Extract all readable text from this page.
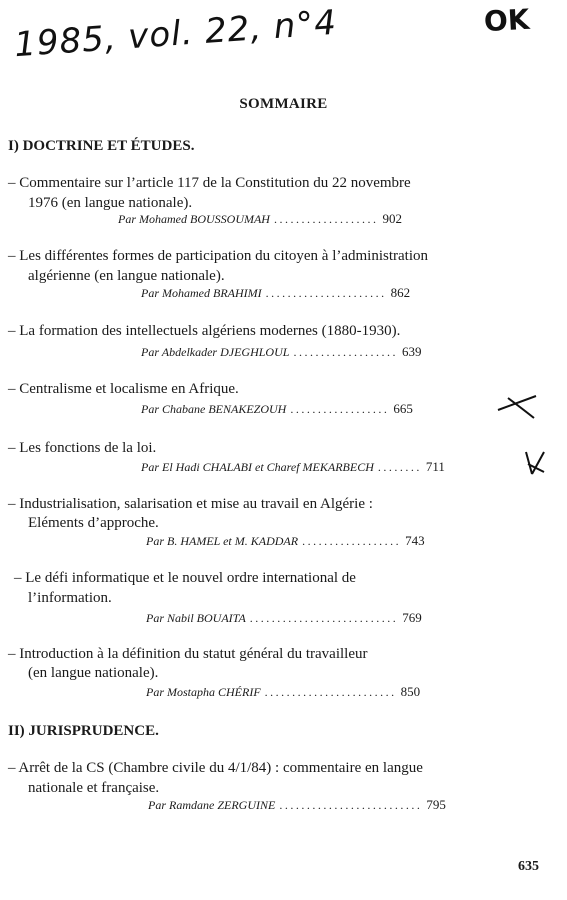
1985, vol. 22, n°4	OK
SOMMAIRE
I) DOCTRINE ET ÉTUDES.
– Commentaire sur l’article 117 de la Constitution du 22 novembre
1976 (en langue nationale).
Par Mohamed BOUSSOUMAH ................... 902
– Les différentes formes de participation du citoyen à l’administration
algérienne (en langue nationale).
Par Mohamed BRAHIMI ...................... 862
– La formation des intellectuels algériens modernes (1880-1930).
Par Abdelkader DJEGHLOUL ................... 639
– Centralisme et localisme en Afrique.
Par Chabane BENAKEZOUH .................. 665
– Les fonctions de la loi.
Par El Hadi CHALABI et Charef MEKARBECH ........ 711
– Industrialisation, salarisation et mise au travail en Algérie :
Eléments d’approche.
Par B. HAMEL et M. KADDAR .................. 743
– Le défi informatique et le nouvel ordre international de
l’information.
Par Nabil BOUAITA ........................... 769
– Introduction à la définition du statut général du travailleur
(en langue nationale).
Par Mostapha CHÉRIF ........................ 850
II) JURISPRUDENCE.
– Arrêt de la CS (Chambre civile du 4/1/84) : commentaire en langue
nationale et française.
Par Ramdane ZERGUINE .......................... 795
635
